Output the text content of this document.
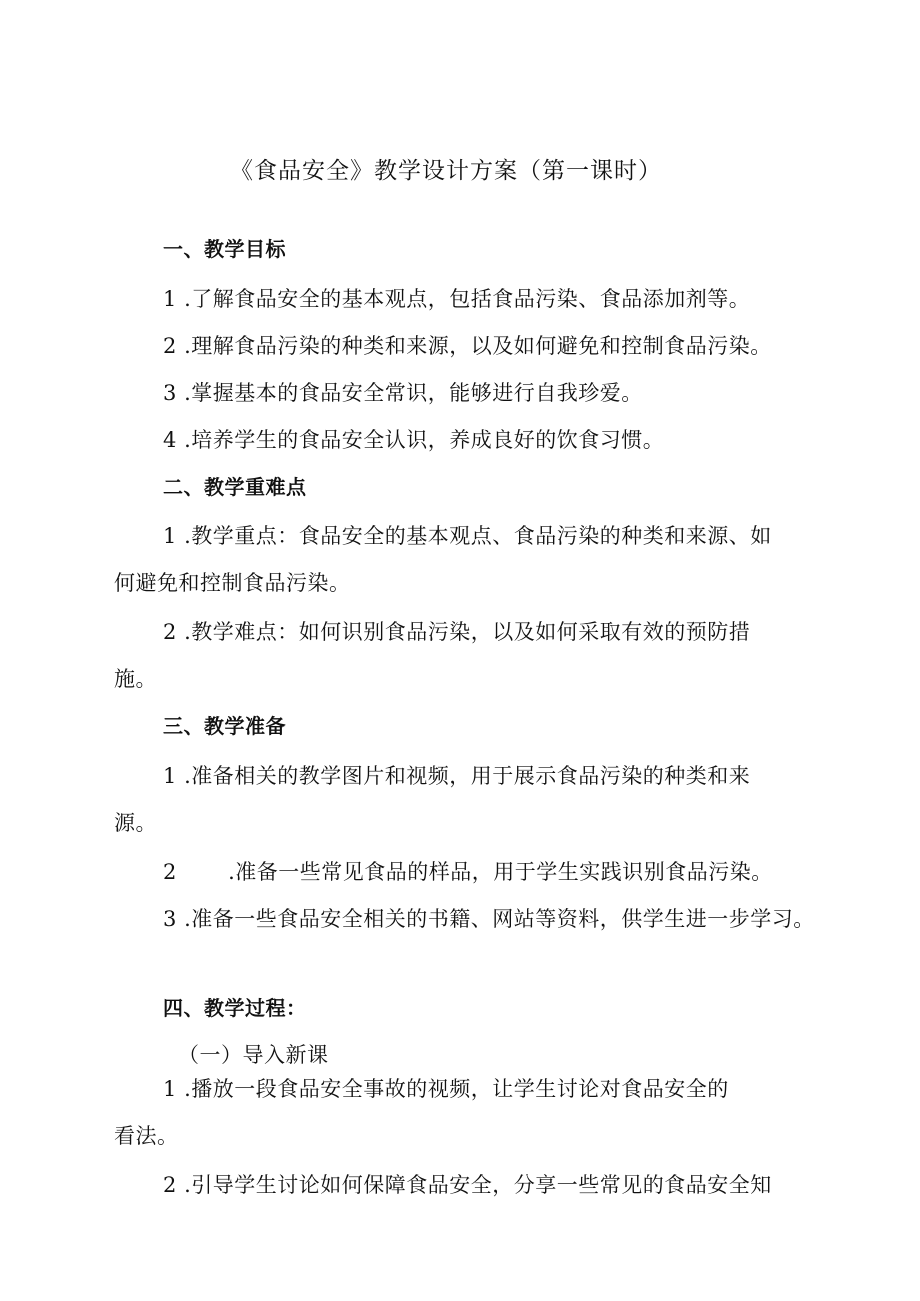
《食品安全》教学设计方案（第一课时）
一、教学目标
1 .了解食品安全的基本观点，包括食品污染、食品添加剂等。
2 .理解食品污染的种类和来源，以及如何避免和控制食品污染。
3 .掌握基本的食品安全常识，能够进行自我珍爱。
4 .培养学生的食品安全认识，养成良好的饮食习惯。
二、教学重难点
1 .教学重点：食品安全的基本观点、食品污染的种类和来源、如
何避免和控制食品污染。
2 .教学难点：如何识别食品污染，以及如何采取有效的预防措
施。
三、教学准备
1 .准备相关的教学图片和视频，用于展示食品污染的种类和来
源。
2 .准备一些常见食品的样品，用于学生实践识别食品污染。
3 .准备一些食品安全相关的书籍、网站等资料，供学生进一步学习。
四、教学过程：
（一）导入新课
1 .播放一段食品安全事故的视频，让学生讨论对食品安全的
看法。
2 .引导学生讨论如何保障食品安全，分享一些常见的食品安全知
